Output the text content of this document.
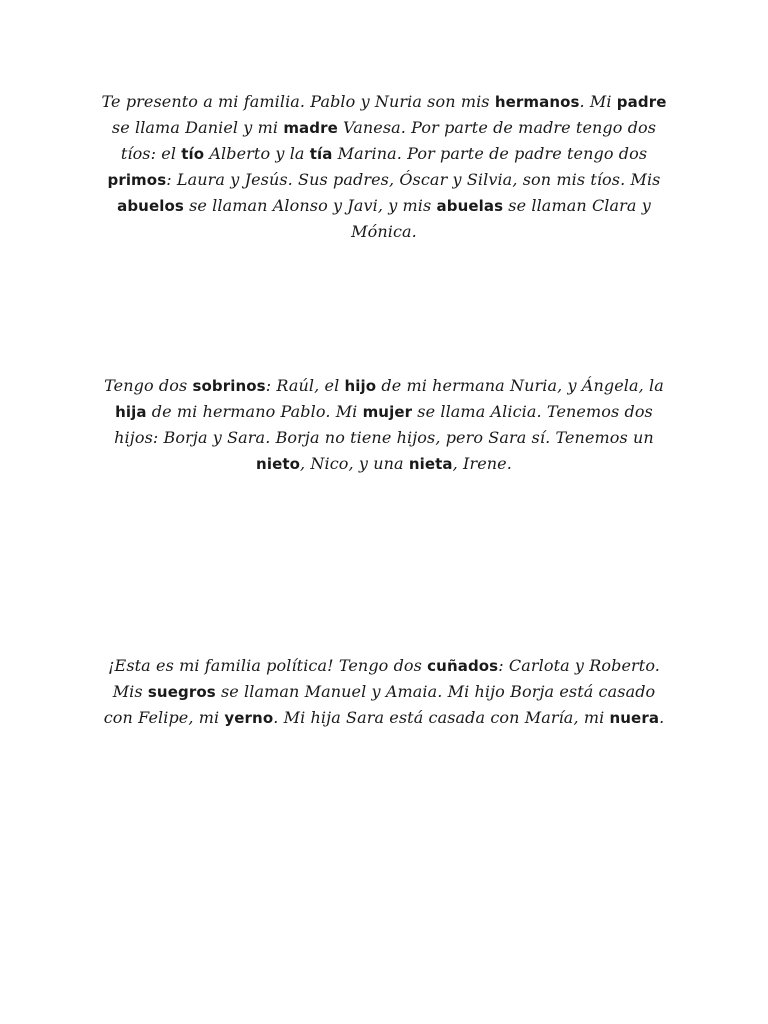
Te presento a mi familia. Pablo y Nuria son mis hermanos. Mi padre se llama Daniel y mi madre Vanesa. Por parte de madre tengo dos tíos: el tío Alberto y la tía Marina. Por parte de padre tengo dos primos: Laura y Jesús. Sus padres, Óscar y Silvia, son mis tíos. Mis abuelos se llaman Alonso y Javi, y mis abuelas se llaman Clara y Mónica.

Tengo dos sobrinos: Raúl, el hijo de mi hermana Nuria, y Ángela, la hija de mi hermano Pablo. Mi mujer se llama Alicia. Tenemos dos hijos: Borja y Sara. Borja no tiene hijos, pero Sara sí. Tenemos un nieto, Nico, y una nieta, Irene.

¡Esta es mi familia política! Tengo dos cuñados: Carlota y Roberto. Mis suegros se llaman Manuel y Amaia. Mi hijo Borja está casado con Felipe, mi yerno. Mi hija Sara está casada con María, mi nuera.
